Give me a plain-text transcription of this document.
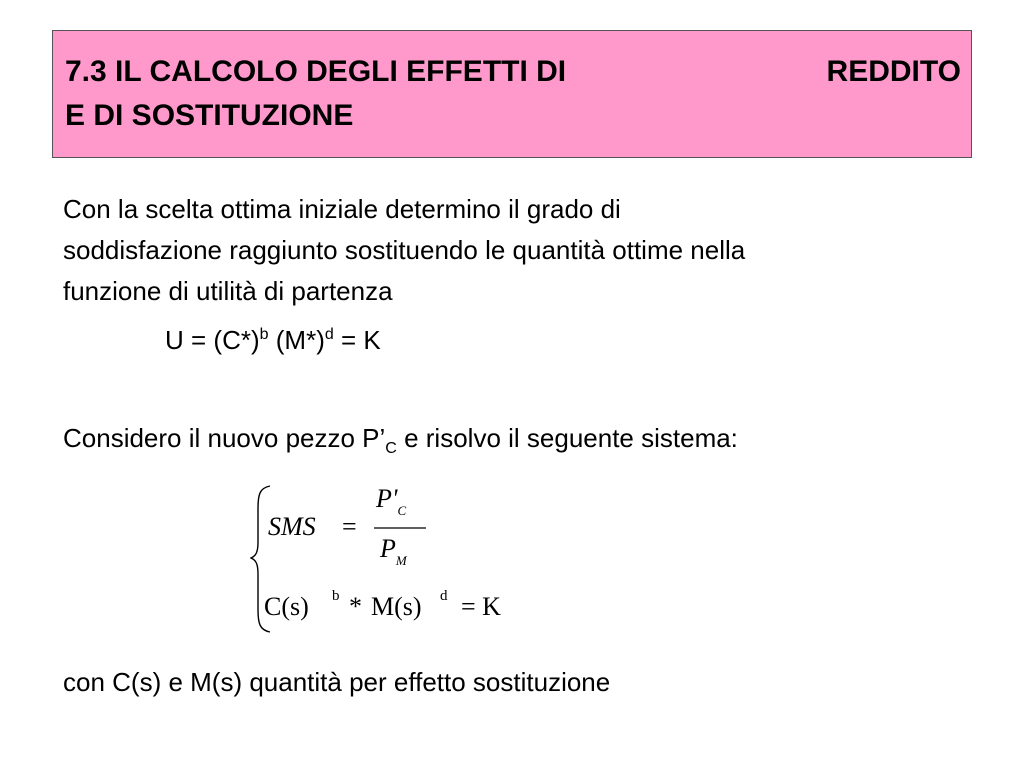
7.3 IL CALCOLO DEGLI EFFETTI DI	REDDITO
E DI SOSTITUZIONE
Con la scelta ottima iniziale determino il grado di
soddisfazione raggiunto sostituendo le quantità ottime nella
funzione di utilità di partenza
$U = (C*)^b$ $(M*)^d = K$
Considero il nuovo pezzo $P’_C$ e risolvo il seguente sistema:
SMS =
$P'_C$
$P_M$
C(s) b * M(s) d = K
con C(s) e M(s) quantità per effetto sostituzione
